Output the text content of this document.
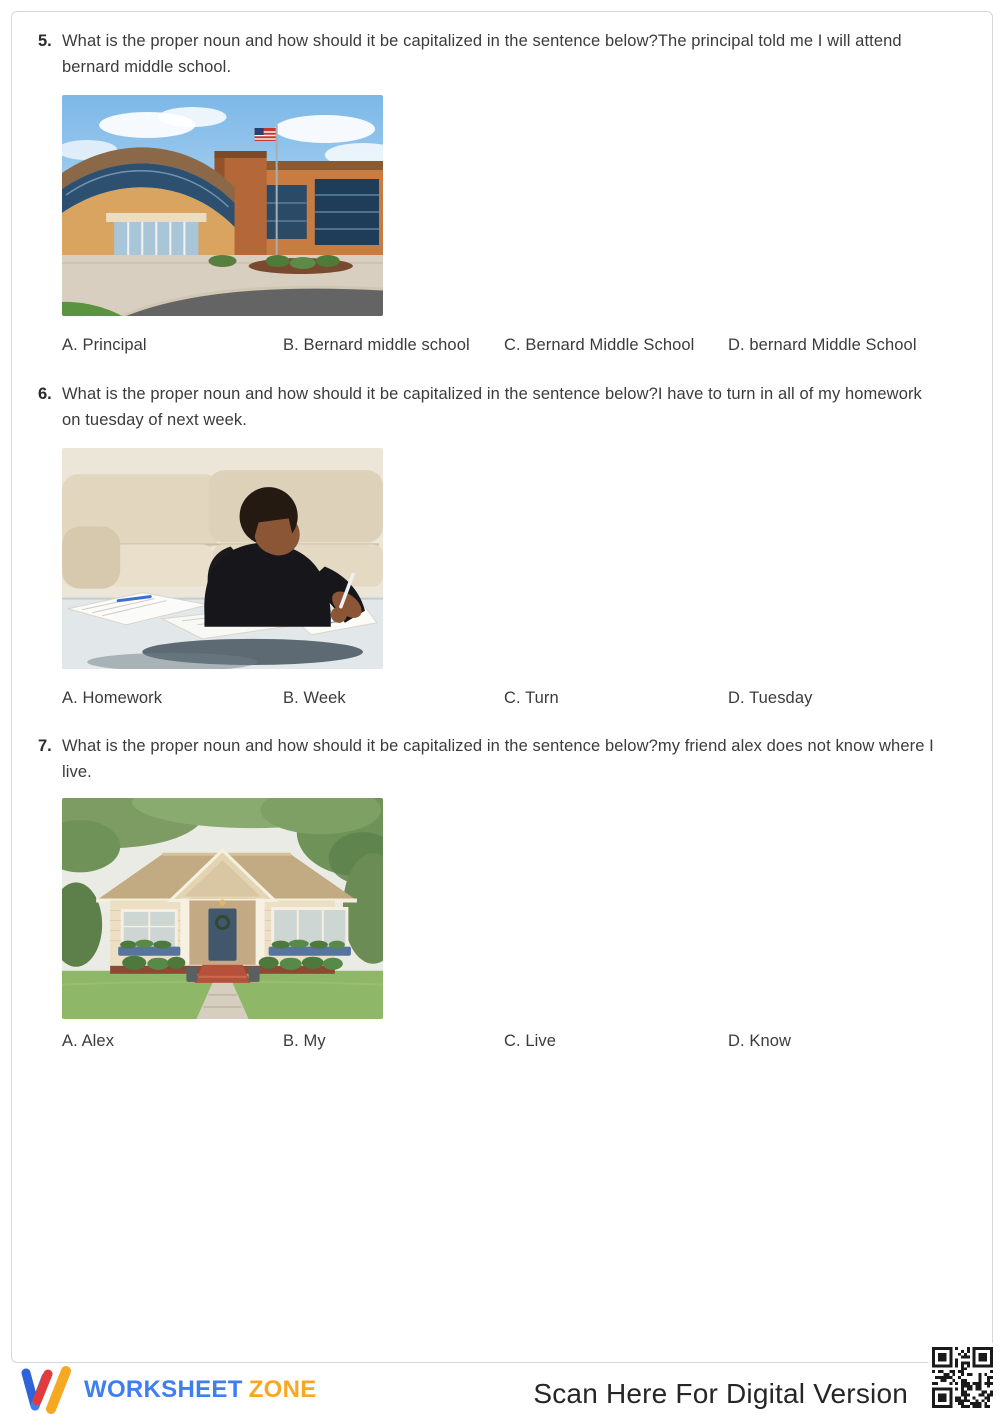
5. What is the proper noun and how should it be capitalized in the sentence below?The principal told me I will attend bernard middle school.
A. Principal	B. Bernard middle school	C. Bernard Middle School	D. bernard Middle School
6. What is the proper noun and how should it be capitalized in the sentence below?I have to turn in all of my homework on tuesday of next week.
A. Homework	B. Week	C. Turn	D. Tuesday
7. What is the proper noun and how should it be capitalized in the sentence below?my friend alex does not know where I live.
A. Alex	B. My	C. Live	D. Know
WORKSHEET ZONE	Scan Here For Digital Version
